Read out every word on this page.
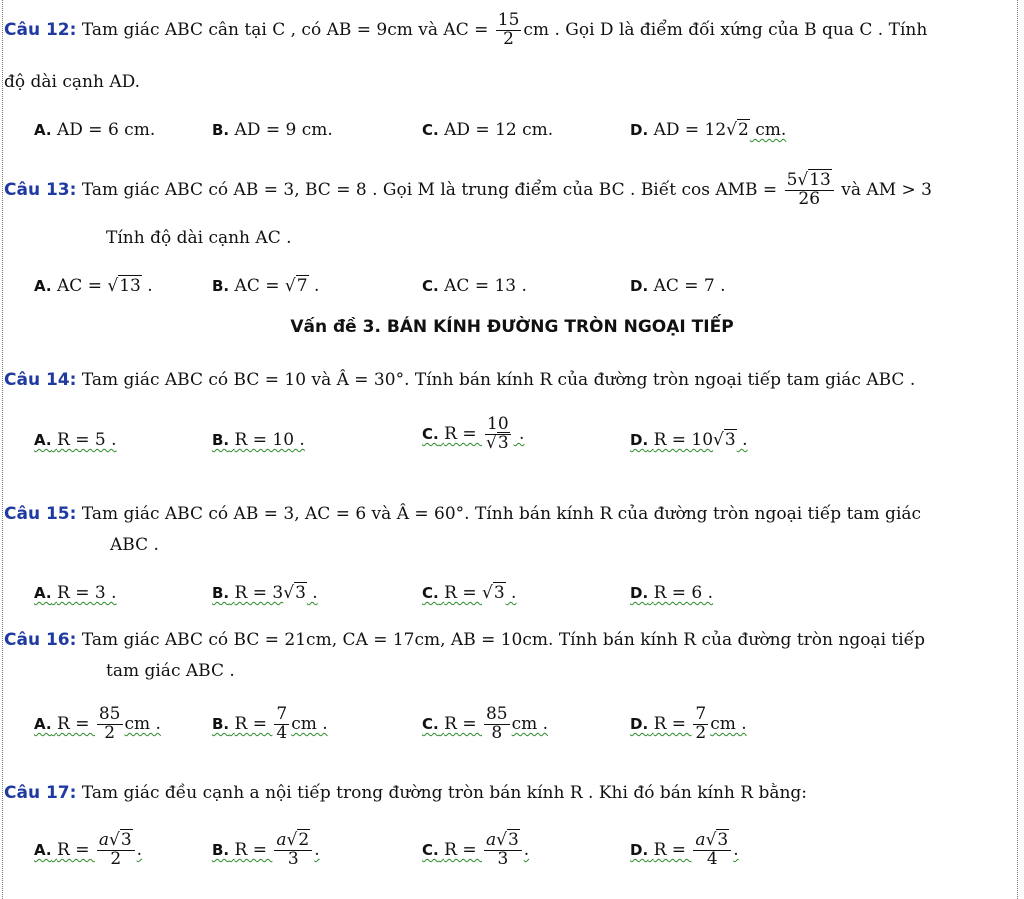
Câu 12: Tam giác ABC cân tại C , có AB = 9cm và AC = $\frac{15}{2}$ cm . Gọi D là điểm đối xứng của B qua C . Tính
độ dài cạnh AD.
A. AD = 6 cm.	B. AD = 9 cm.	C. AD = 12 cm.	D. AD = 12√2 cm.
Câu 13: Tam giác ABC có AB = 3, BC = 8 . Gọi M là trung điểm của BC . Biết cos AMB = $\frac{5√13}{26}$ và AM > 3
Tính độ dài cạnh AC .
A. AC = √13 .	B. AC = √7 .	C. AC = 13 .	D. AC = 7 .
Vấn đề 3. BÁN KÍNH ĐƯỜNG TRÒN NGOẠI TIẾP
Câu 14: Tam giác ABC có BC = 10 và Â = 30°. Tính bán kính R của đường tròn ngoại tiếp tam giác ABC .
A. R = 5 .	B. R = 10 .	C. $R = \frac{10}{√3}$ .	D. R = 10√3 .
Câu 15: Tam giác ABC có AB = 3, AC = 6 và Â = 60°. Tính bán kính R của đường tròn ngoại tiếp tam giác
ABC .
A. R = 3 .	B. R = 3√3 .	C. R = √3 .	D. R = 6 .
Câu 16: Tam giác ABC có BC = 21cm, CA = 17cm, AB = 10cm. Tính bán kính R của đường tròn ngoại tiếp
tam giác ABC .
A. $R = \frac{85}{2}$ cm .	B. $R = \frac{7}{4}$ cm .	C. $R = \frac{85}{8}$ cm .	D. $R = \frac{7}{2}$ cm .
Câu 17: Tam giác đều cạnh a nội tiếp trong đường tròn bán kính R . Khi đó bán kính R bằng:
A. $R = \frac{a√3}{2}$ .	B. $R = \frac{a√2}{3}$ .	C. $R = \frac{a√3}{3}$ .	D. $R = \frac{a√3}{4}$ .
